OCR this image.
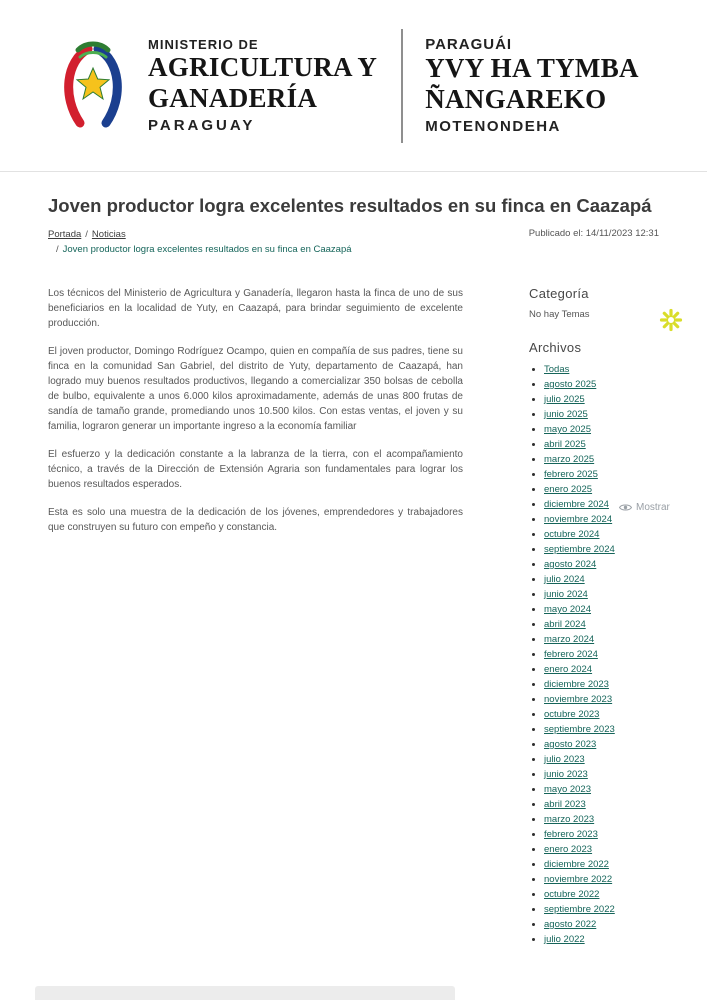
MINISTERIO DE
AGRICULTURA Y
GANADERÍA
PARAGUAY
PARAGUÁI
YVY HA TYMBA
ÑANGAREKO
MOTENONDEHA
Joven productor logra excelentes resultados en su finca en Caazapá
Portada / Noticias
/ Joven productor logra excelentes resultados en su finca en Caazapá
Publicado el: 14/11/2023 12:31

Los técnicos del Ministerio de Agricultura y Ganadería, llegaron hasta la finca de uno de sus beneficiarios en la localidad de Yuty, en Caazapá, para brindar seguimiento de excelente producción.

El joven productor, Domingo Rodríguez Ocampo, quien en compañía de sus padres, tiene su finca en la comunidad San Gabriel, del distrito de Yuty, departamento de Caazapá, han logrado muy buenos resultados productivos, llegando a comercializar 350 bolsas de cebolla de bulbo, equivalente a unos 6.000 kilos aproximadamente, además de unas 800 frutas de sandía de tamaño grande, promediando unos 10.500 kilos. Con estas ventas, el joven y su familia, lograron generar un importante ingreso a la economía familiar

El esfuerzo y la dedicación constante a la labranza de la tierra, con el acompañamiento técnico, a través de la Dirección de Extensión Agraria son fundamentales para lograr los buenos resultados esperados.

Esta es solo una muestra de la dedicación de los jóvenes, emprendedores y trabajadores que construyen su futuro con empeño y constancia.

Categoría
No hay Temas
Archivos
• Todas
• agosto 2025
• julio 2025
• junio 2025
• mayo 2025
• abril 2025
• marzo 2025
• febrero 2025
• enero 2025
• diciembre 2024
• noviembre 2024
• octubre 2024
• septiembre 2024
• agosto 2024
• julio 2024
• junio 2024
• mayo 2024
• abril 2024
• marzo 2024
• febrero 2024
• enero 2024
• diciembre 2023
• noviembre 2023
• octubre 2023
• septiembre 2023
• agosto 2023
• julio 2023
• junio 2023
• mayo 2023
• abril 2023
• marzo 2023
• febrero 2023
• enero 2023
• diciembre 2022
• noviembre 2022
• octubre 2022
• septiembre 2022
• agosto 2022
• julio 2022
Mostrar
